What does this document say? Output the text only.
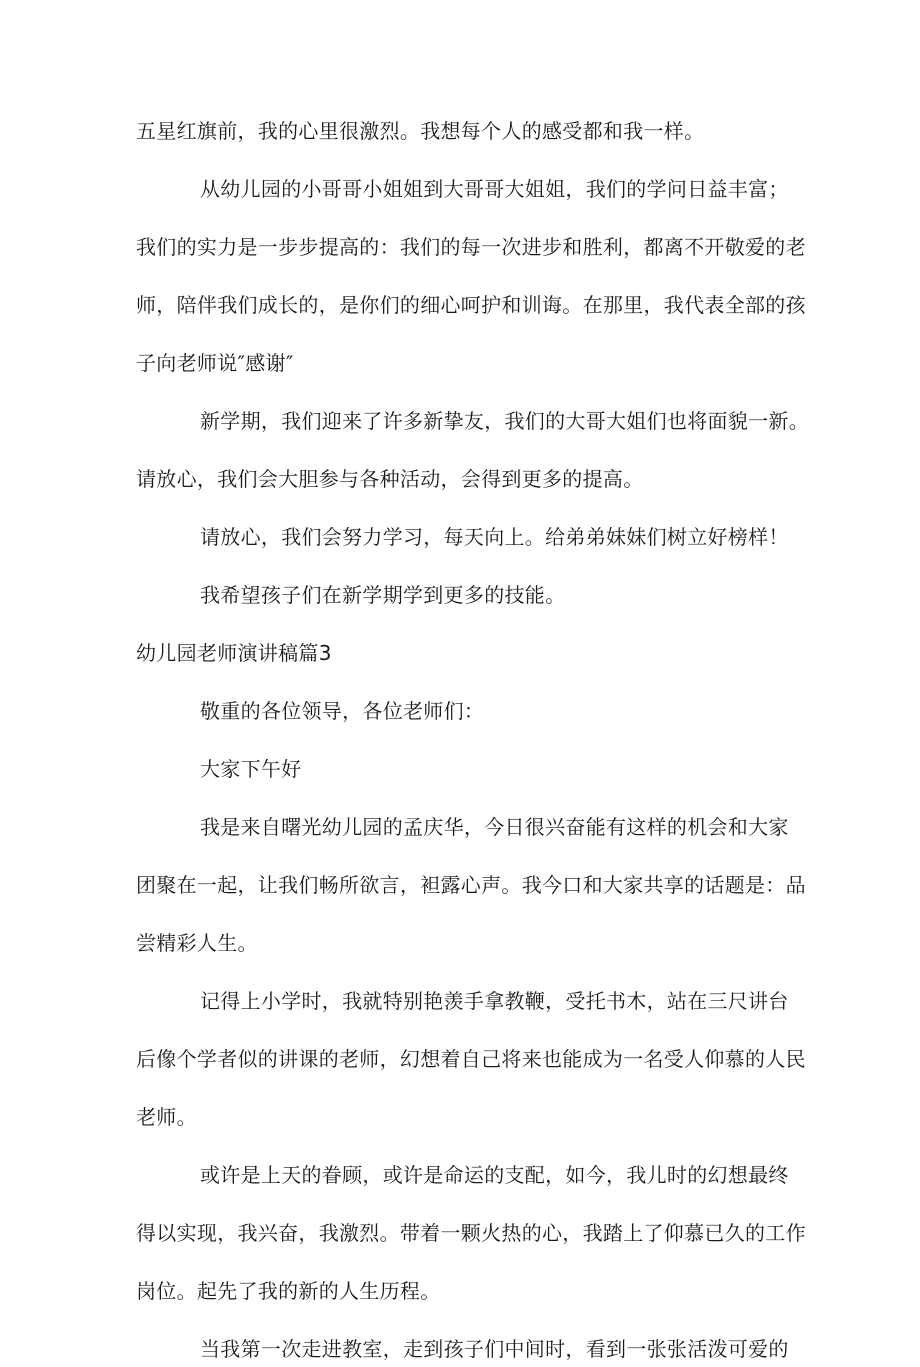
五星红旗前，我的心里很激烈。我想每个人的感受都和我一样。
从幼儿园的小哥哥小姐姐到大哥哥大姐姐，我们的学问日益丰富；
我们的实力是一步步提高的：我们的每一次进步和胜利，都离不开敬爱的老
师，陪伴我们成长的，是你们的细心呵护和训诲。在那里，我代表全部的孩
子向老师说″感谢″
新学期，我们迎来了许多新挚友，我们的大哥大姐们也将面貌一新。
请放心，我们会大胆参与各种活动，会得到更多的提高。
请放心，我们会努力学习，每天向上。给弟弟妹妹们树立好榜样！
我希望孩子们在新学期学到更多的技能。
幼儿园老师演讲稿篇3
敬重的各位领导，各位老师们：
大家下午好
我是来自曙光幼儿园的孟庆华，今日很兴奋能有这样的机会和大家
团聚在一起，让我们畅所欲言，袒露心声。我今口和大家共享的话题是：品
尝精彩人生。
记得上小学时，我就特别艳羡手拿教鞭，受托书木，站在三尺讲台
后像个学者似的讲课的老师，幻想着自己将来也能成为一名受人仰慕的人民
老师。
或许是上天的眷顾，或许是命运的支配，如今，我儿时的幻想最终
得以实现，我兴奋，我激烈。带着一颗火热的心，我踏上了仰慕已久的工作
岗位。起先了我的新的人生历程。
当我第一次走进教室，走到孩子们中间时，看到一张张活泼可爱的
